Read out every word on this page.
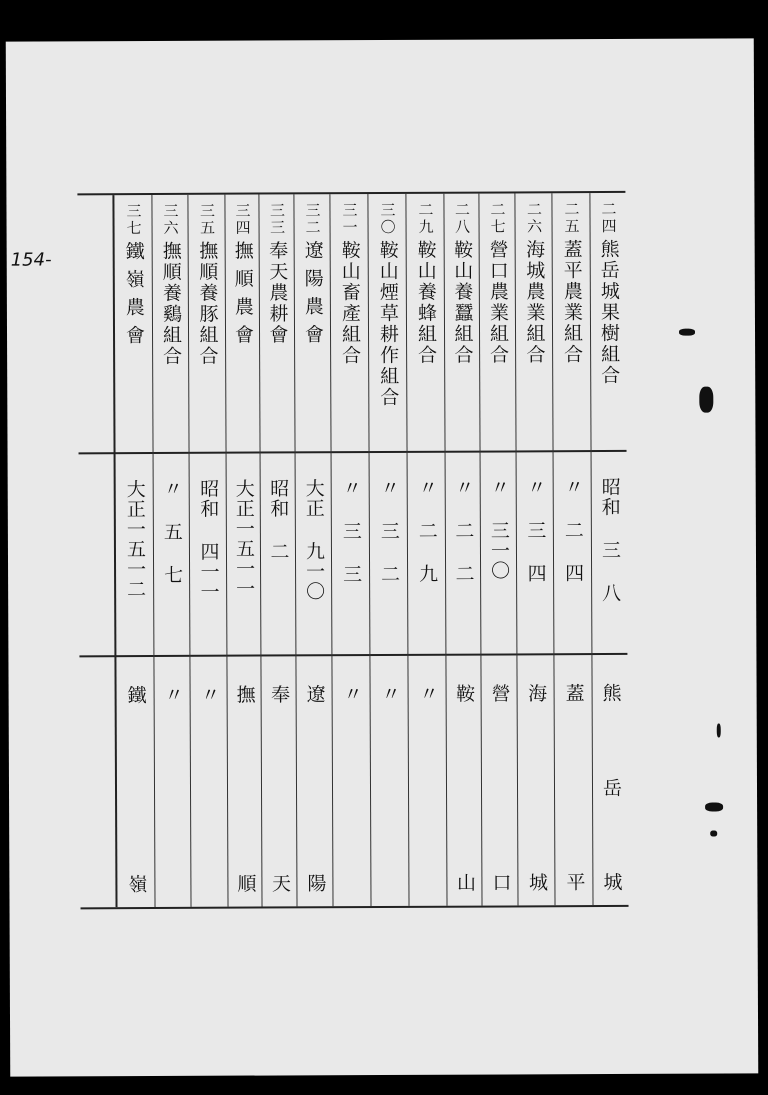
154-
二四
熊岳城果樹組合
昭和 三 八
熊
岳
城
二五
蓋平農業組合
〃 二 四
蓋
平
二六
海城農業組合
〃 三 四
海
城
二七
營口農業組合
〃 三一〇
營
口
二八
鞍山養蠶組合
〃 二 二
鞍
山
二九
鞍山養蜂組合
〃 二 九
〃
三〇
鞍山煙草耕作組合
〃 三 二
〃
三一
鞍山畜產組合
〃 三 三
〃
三二
遼陽農會
大正 九一〇
遼
陽
三三
奉天農耕會
昭和 二
奉
天
三四
撫順農會
大正一五一一
撫
順
三五
撫順養豚組合
昭和 四一一
〃
三六
撫順養鷄組合
〃 五 七
〃
三七
鐵嶺農會
大正一五一二
鐵
嶺
